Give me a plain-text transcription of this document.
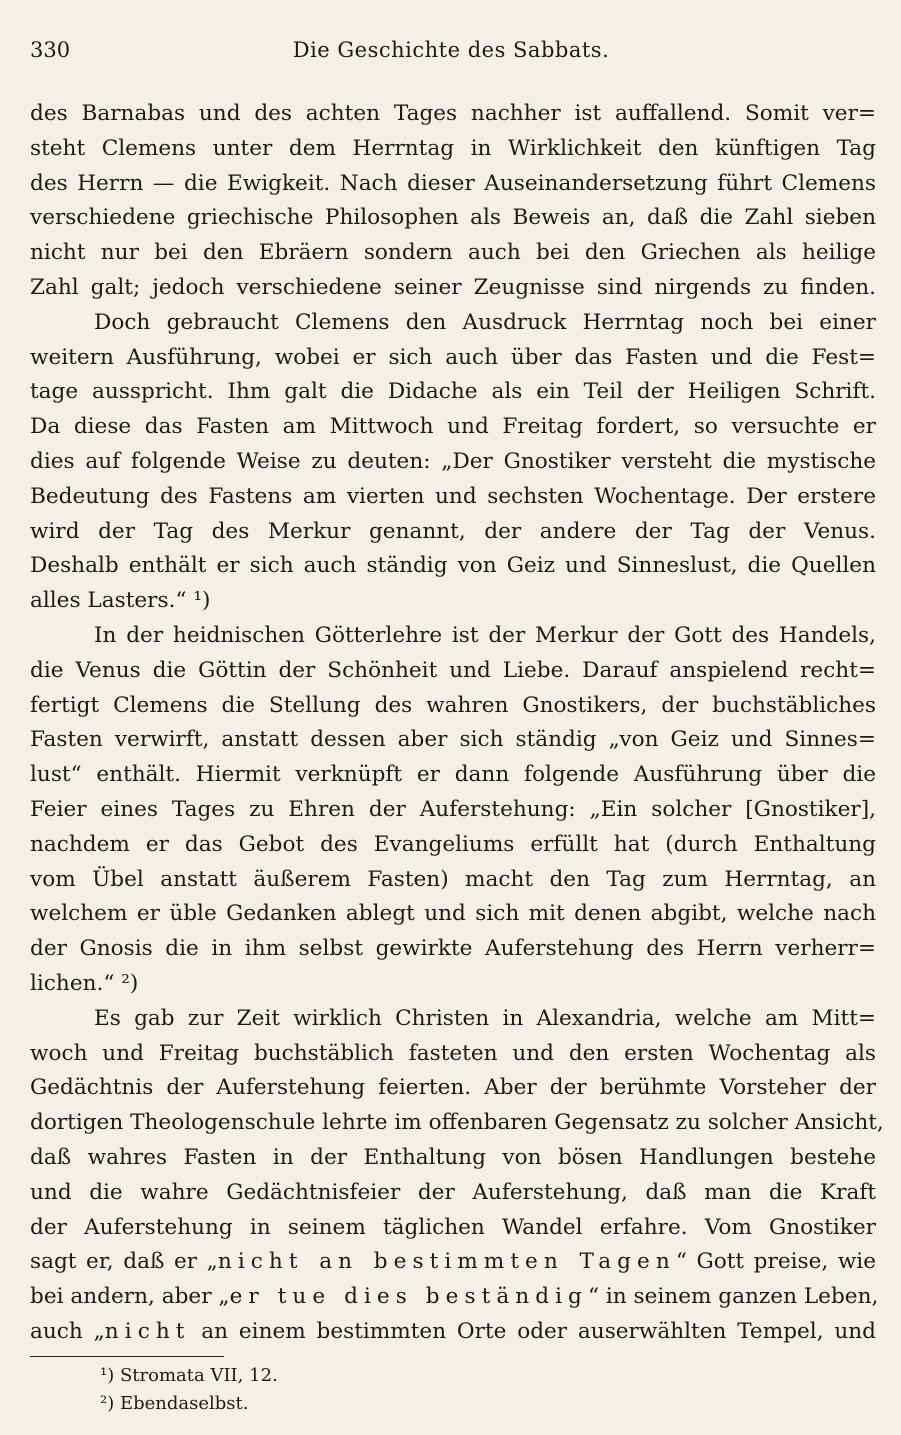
330	Die Geschichte des Sabbats.
des Barnabas und des achten Tages nachher ist auffallend. Somit ver=
steht Clemens unter dem Herrntag in Wirklichkeit den künftigen Tag
des Herrn — die Ewigkeit. Nach dieser Auseinandersetzung führt Clemens
verschiedene griechische Philosophen als Beweis an, daß die Zahl sieben
nicht nur bei den Ebräern sondern auch bei den Griechen als heilige
Zahl galt; jedoch verschiedene seiner Zeugnisse sind nirgends zu finden.
Doch gebraucht Clemens den Ausdruck Herrntag noch bei einer
weitern Ausführung, wobei er sich auch über das Fasten und die Fest=
tage ausspricht. Ihm galt die Didache als ein Teil der Heiligen Schrift.
Da diese das Fasten am Mittwoch und Freitag fordert, so versuchte er
dies auf folgende Weise zu deuten: „Der Gnostiker versteht die mystische
Bedeutung des Fastens am vierten und sechsten Wochentage. Der erstere
wird der Tag des Merkur genannt, der andere der Tag der Venus.
Deshalb enthält er sich auch ständig von Geiz und Sinneslust, die Quellen
alles Lasters.“ ¹)
In der heidnischen Götterlehre ist der Merkur der Gott des Handels,
die Venus die Göttin der Schönheit und Liebe. Darauf anspielend recht=
fertigt Clemens die Stellung des wahren Gnostikers, der buchstäbliches
Fasten verwirft, anstatt dessen aber sich ständig „von Geiz und Sinnes=
lust“ enthält. Hiermit verknüpft er dann folgende Ausführung über die
Feier eines Tages zu Ehren der Auferstehung: „Ein solcher [Gnostiker],
nachdem er das Gebot des Evangeliums erfüllt hat (durch Enthaltung
vom Übel anstatt äußerem Fasten) macht den Tag zum Herrntag, an
welchem er üble Gedanken ablegt und sich mit denen abgibt, welche nach
der Gnosis die in ihm selbst gewirkte Auferstehung des Herrn verherr=
lichen.“ ²)
Es gab zur Zeit wirklich Christen in Alexandria, welche am Mitt=
woch und Freitag buchstäblich fasteten und den ersten Wochentag als
Gedächtnis der Auferstehung feierten. Aber der berühmte Vorsteher der
dortigen Theologenschule lehrte im offenbaren Gegensatz zu solcher Ansicht,
daß wahres Fasten in der Enthaltung von bösen Handlungen bestehe
und die wahre Gedächtnisfeier der Auferstehung, daß man die Kraft
der Auferstehung in seinem täglichen Wandel erfahre. Vom Gnostiker
sagt er, daß er „nicht an bestimmten Tagen“ Gott preise, wie
bei andern, aber „er tue dies beständig“ in seinem ganzen Leben,
auch „nicht an einem bestimmten Orte oder auserwählten Tempel, und
¹) Stromata VII, 12.
²) Ebendaselbst.
